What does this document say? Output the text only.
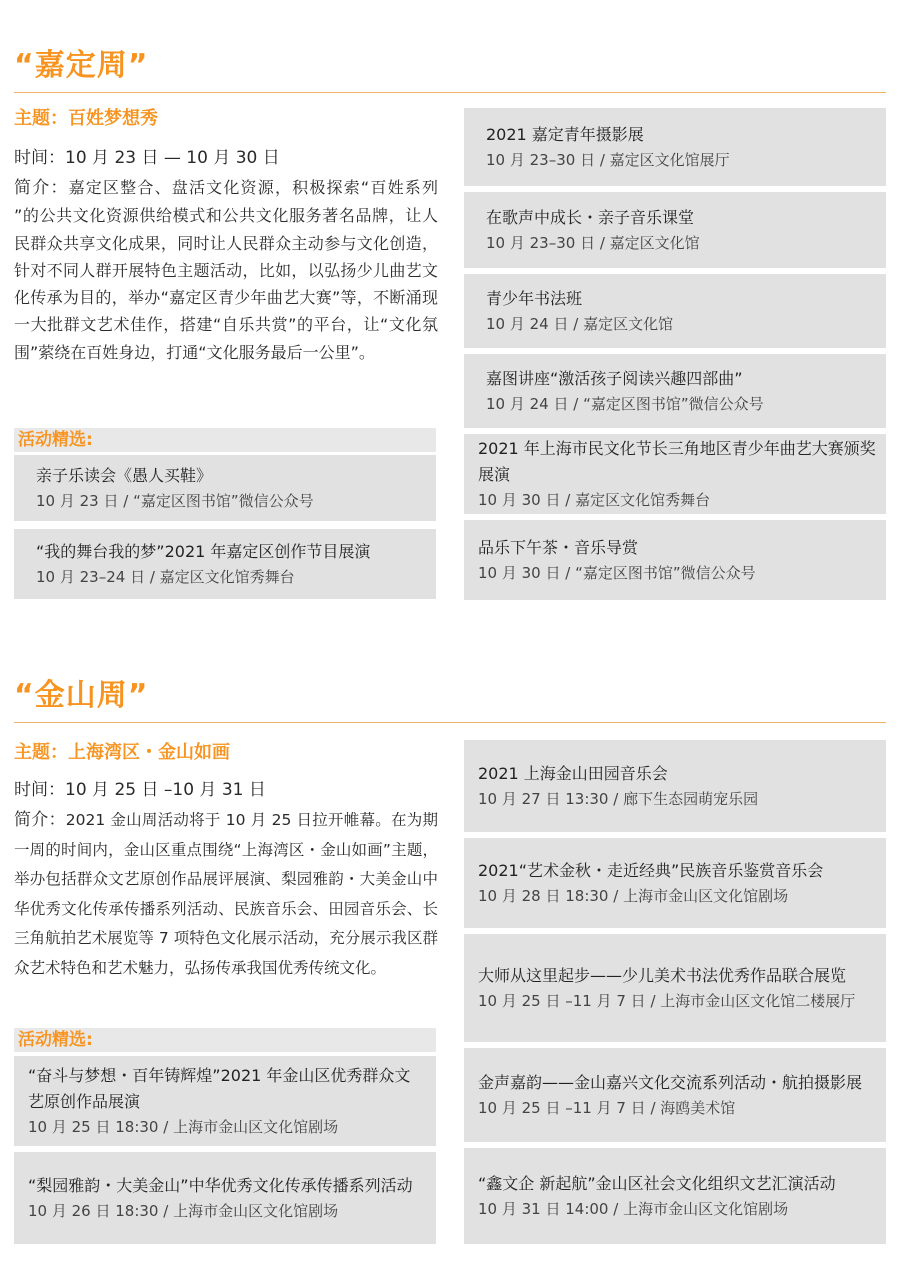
“嘉定周”
主题：百姓梦想秀
时间：10 月 23 日 — 10 月 30 日
简介：嘉定区整合、盘活文化资源，积极探索“百姓系列 ”的公共文化资源供给模式和公共文化服务著名品牌，让人民群众共享文化成果，同时让人民群众主动参与文化创造，针对不同人群开展特色主题活动，比如，以弘扬少儿曲艺文化传承为目的，举办“嘉定区青少年曲艺大赛”等，不断涌现一大批群文艺术佳作，搭建“自乐共赏”的平台，让“文化氛围”萦绕在百姓身边，打通“文化服务最后一公里”。
活动精选:
亲子乐读会《愚人买鞋》
10 月 23 日 / “嘉定区图书馆”微信公众号
“我的舞台我的梦”2021 年嘉定区创作节目展演
10 月 23–24 日 / 嘉定区文化馆秀舞台
2021 嘉定青年摄影展
10 月 23–30 日 / 嘉定区文化馆展厅
在歌声中成长・亲子音乐课堂
10 月 23–30 日 / 嘉定区文化馆
青少年书法班
10 月 24 日 / 嘉定区文化馆
嘉图讲座“激活孩子阅读兴趣四部曲”
10 月 24 日 / “嘉定区图书馆”微信公众号
2021 年上海市民文化节长三角地区青少年曲艺大赛颁奖展演
10 月 30 日 / 嘉定区文化馆秀舞台
品乐下午茶・音乐导赏
10 月 30 日 / “嘉定区图书馆”微信公众号
“金山周”
主题：上海湾区・金山如画
时间：10 月 25 日 –10 月 31 日
简介：2021 金山周活动将于 10 月 25 日拉开帷幕。在为期一周的时间内，金山区重点围绕“上海湾区・金山如画”主题，举办包括群众文艺原创作品展评展演、梨园雅韵・大美金山中华优秀文化传承传播系列活动、民族音乐会、田园音乐会、长三角航拍艺术展览等 7 项特色文化展示活动，充分展示我区群众艺术特色和艺术魅力，弘扬传承我国优秀传统文化。
活动精选:
“奋斗与梦想・百年铸辉煌”2021 年金山区优秀群众文艺原创作品展演
10 月 25 日 18:30 / 上海市金山区文化馆剧场
“梨园雅韵・大美金山”中华优秀文化传承传播系列活动
10 月 26 日 18:30 / 上海市金山区文化馆剧场
2021 上海金山田园音乐会
10 月 27 日 13:30 / 廊下生态园萌宠乐园
2021“艺术金秋・走近经典”民族音乐鉴赏音乐会
10 月 28 日 18:30 / 上海市金山区文化馆剧场
大师从这里起步——少儿美术书法优秀作品联合展览
10 月 25 日 –11 月 7 日 / 上海市金山区文化馆二楼展厅
金声嘉韵——金山嘉兴文化交流系列活动・航拍摄影展
10 月 25 日 –11 月 7 日 / 海鸥美术馆
“鑫文企 新起航”金山区社会文化组织文艺汇演活动
10 月 31 日 14:00 / 上海市金山区文化馆剧场
